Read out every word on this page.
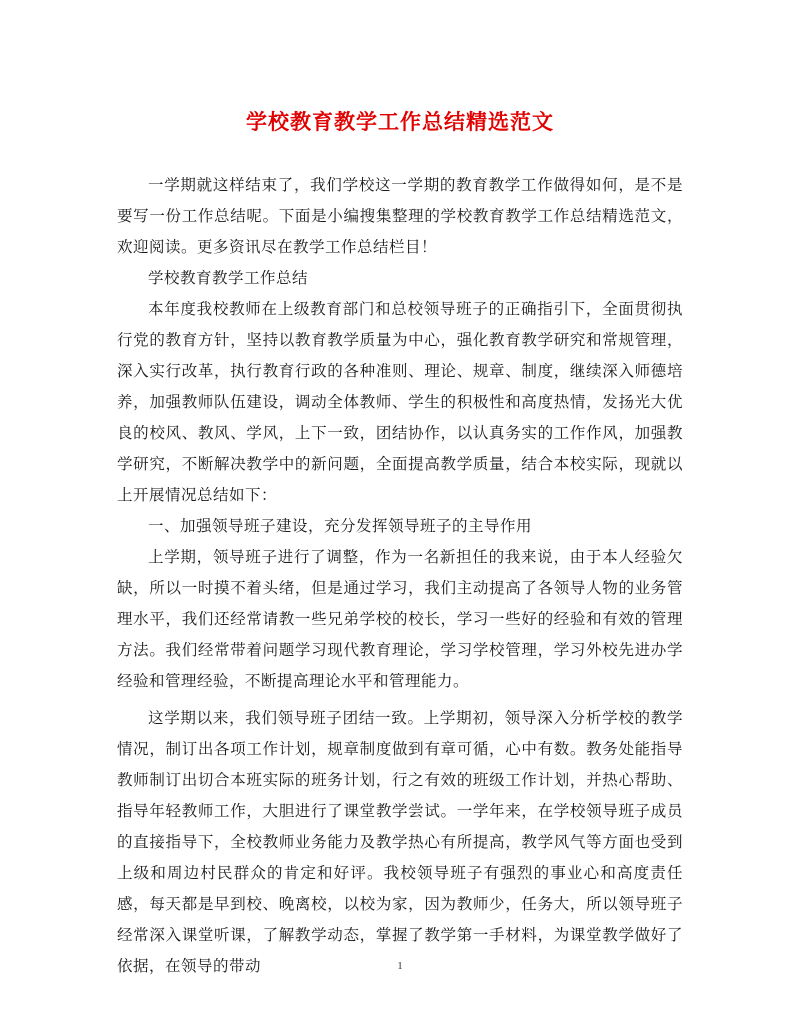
学校教育教学工作总结精选范文

一学期就这样结束了，我们学校这一学期的教育教学工作做得如何，是不是要写一份工作总结呢。下面是小编搜集整理的学校教育教学工作总结精选范文，欢迎阅读。更多资讯尽在教学工作总结栏目！

学校教育教学工作总结

本年度我校教师在上级教育部门和总校领导班子的正确指引下，全面贯彻执行党的教育方针，坚持以教育教学质量为中心，强化教育教学研究和常规管理，深入实行改革，执行教育行政的各种准则、理论、规章、制度，继续深入师德培养，加强教师队伍建设，调动全体教师、学生的积极性和高度热情，发扬光大优良的校风、教风、学风，上下一致，团结协作，以认真务实的工作作风，加强教学研究，不断解决教学中的新问题，全面提高教学质量，结合本校实际，现就以上开展情况总结如下：

一、加强领导班子建设，充分发挥领导班子的主导作用

上学期，领导班子进行了调整，作为一名新担任的我来说，由于本人经验欠缺，所以一时摸不着头绪，但是通过学习，我们主动提高了各领导人物的业务管理水平，我们还经常请教一些兄弟学校的校长，学习一些好的经验和有效的管理方法。我们经常带着问题学习现代教育理论，学习学校管理，学习外校先进办学经验和管理经验，不断提高理论水平和管理能力。

这学期以来，我们领导班子团结一致。上学期初，领导深入分析学校的教学情况，制订出各项工作计划，规章制度做到有章可循，心中有数。教务处能指导教师制订出切合本班实际的班务计划，行之有效的班级工作计划，并热心帮助、指导年轻教师工作，大胆进行了课堂教学尝试。一学年来，在学校领导班子成员的直接指导下，全校教师业务能力及教学热心有所提高，教学风气等方面也受到上级和周边村民群众的肯定和好评。我校领导班子有强烈的事业心和高度责任感，每天都是早到校、晚离校，以校为家，因为教师少，任务大，所以领导班子经常深入课堂听课，了解教学动态，掌握了教学第一手材料，为课堂教学做好了依据，在领导的带动	1
